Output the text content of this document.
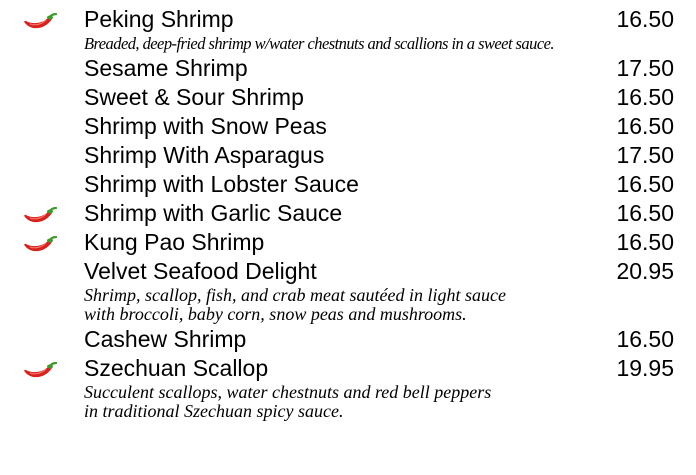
Peking Shrimp	16.50
Breaded, deep-fried shrimp w/water chestnuts and scallions in a sweet sauce.
Sesame Shrimp	17.50
Sweet & Sour Shrimp	16.50
Shrimp with Snow Peas	16.50
Shrimp With Asparagus	17.50
Shrimp with Lobster Sauce	16.50
Shrimp with Garlic Sauce	16.50
Kung Pao Shrimp	16.50
Velvet Seafood Delight	20.95
Shrimp, scallop, fish, and crab meat sautéed in light sauce
with broccoli, baby corn, snow peas and mushrooms.
Cashew Shrimp	16.50
Szechuan Scallop	19.95
Succulent scallops, water chestnuts and red bell peppers
in traditional Szechuan spicy sauce.
